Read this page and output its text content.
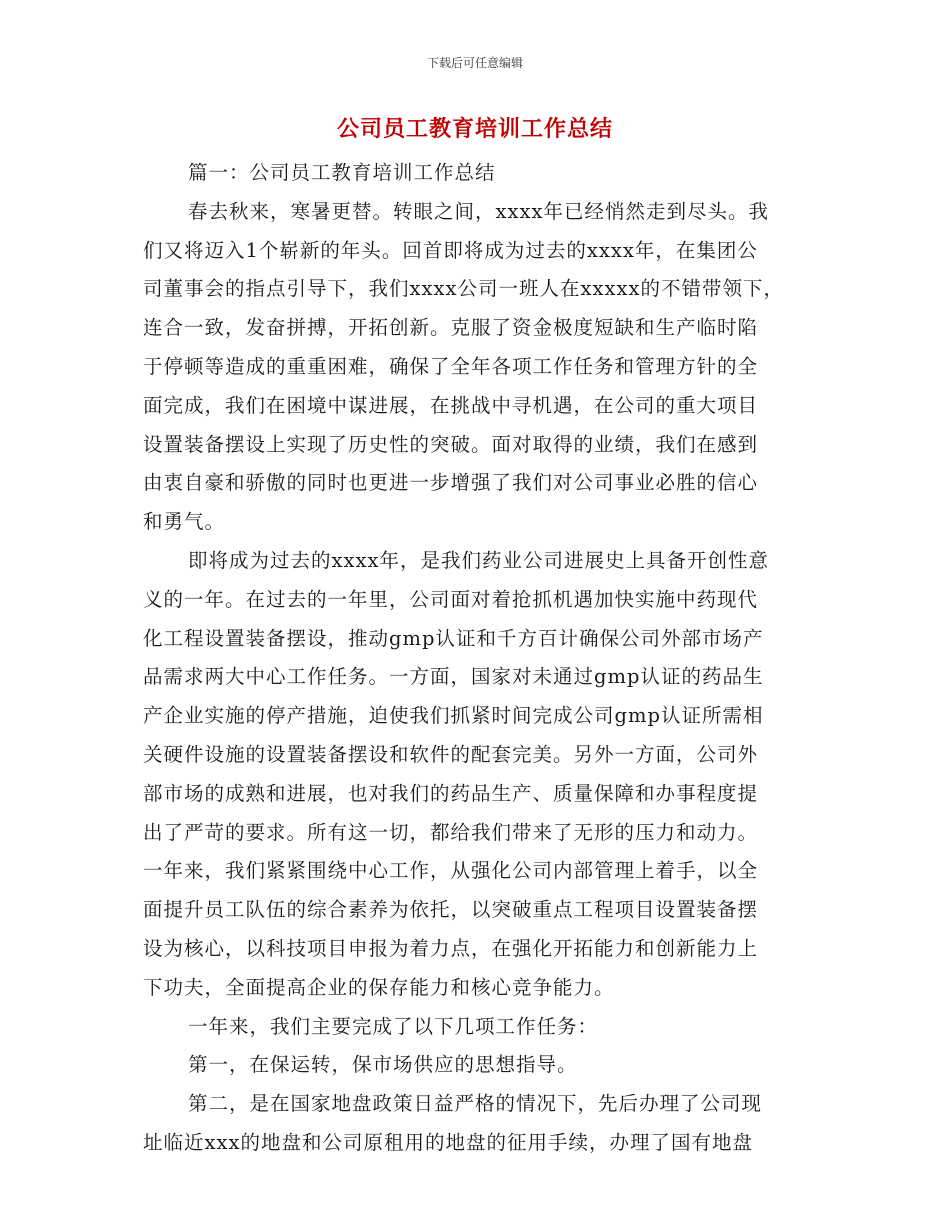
下载后可任意编辑
公司员工教育培训工作总结
篇一：公司员工教育培训工作总结
春去秋来，寒暑更替。转眼之间，xxxx年已经悄然走到尽头。我
们又将迈入1个崭新的年头。回首即将成为过去的xxxx年，在集团公
司董事会的指点引导下，我们xxxx公司一班人在xxxxx的不错带领下，
连合一致，发奋拼搏，开拓创新。克服了资金极度短缺和生产临时陷
于停顿等造成的重重困难，确保了全年各项工作任务和管理方针的全
面完成，我们在困境中谋进展，在挑战中寻机遇，在公司的重大项目
设置装备摆设上实现了历史性的突破。面对取得的业绩，我们在感到
由衷自豪和骄傲的同时也更进一步增强了我们对公司事业必胜的信心
和勇气。
即将成为过去的xxxx年，是我们药业公司进展史上具备开创性意
义的一年。在过去的一年里，公司面对着抢抓机遇加快实施中药现代
化工程设置装备摆设，推动gmp认证和千方百计确保公司外部市场产
品需求两大中心工作任务。一方面，国家对未通过gmp认证的药品生
产企业实施的停产措施，迫使我们抓紧时间完成公司gmp认证所需相
关硬件设施的设置装备摆设和软件的配套完美。另外一方面，公司外
部市场的成熟和进展，也对我们的药品生产、质量保障和办事程度提
出了严苛的要求。所有这一切，都给我们带来了无形的压力和动力。
一年来，我们紧紧围绕中心工作，从强化公司内部管理上着手，以全
面提升员工队伍的综合素养为依托，以突破重点工程项目设置装备摆
设为核心，以科技项目申报为着力点，在强化开拓能力和创新能力上
下功夫，全面提高企业的保存能力和核心竞争能力。
一年来，我们主要完成了以下几项工作任务：
第一，在保运转，保市场供应的思想指导。
第二，是在国家地盘政策日益严格的情况下，先后办理了公司现
址临近xxx的地盘和公司原租用的地盘的征用手续，办理了国有地盘
